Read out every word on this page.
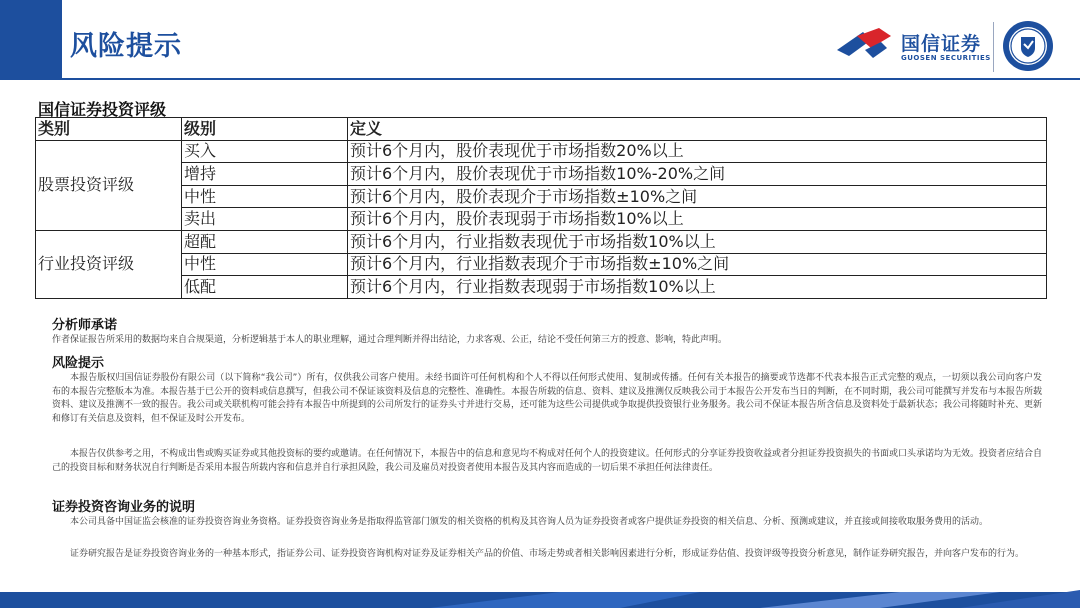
风险提示	国信证券
GUOSEN SECURITIES
国信证券投资评级
类别	级别	定义
股票投资评级	买入	预计6个月内，股价表现优于市场指数20%以上
	增持	预计6个月内，股价表现优于市场指数10%-20%之间
	中性	预计6个月内，股价表现介于市场指数±10%之间
	卖出	预计6个月内，股价表现弱于市场指数10%以上
行业投资评级	超配	预计6个月内，行业指数表现优于市场指数10%以上
	中性	预计6个月内，行业指数表现介于市场指数±10%之间
	低配	预计6个月内，行业指数表现弱于市场指数10%以上
分析师承诺
作者保证报告所采用的数据均来自合规渠道，分析逻辑基于本人的职业理解，通过合理判断并得出结论，力求客观、公正，结论不受任何第三方的授意、影响，特此声明。
风险提示
本报告版权归国信证券股份有限公司（以下简称“我公司”）所有，仅供我公司客户使用。未经书面许可任何机构和个人不得以任何形式使用、复制或传播。任何有关本报告的摘要或节选都不代表本报告正式完整的观点，一切须以我公司向客户发布的本报告完整版本为准。本报告基于已公开的资料或信息撰写，但我公司不保证该资料及信息的完整性、准确性。本报告所载的信息、资料、建议及推测仅反映我公司于本报告公开发布当日的判断，在不同时期，我公司可能撰写并发布与本报告所载资料、建议及推测不一致的报告。我公司或关联机构可能会持有本报告中所提到的公司所发行的证券头寸并进行交易，还可能为这些公司提供或争取提供投资银行业务服务。我公司不保证本报告所含信息及资料处于最新状态；我公司将随时补充、更新和修订有关信息及资料，但不保证及时公开发布。
本报告仅供参考之用，不构成出售或购买证券或其他投资标的要约或邀请。在任何情况下，本报告中的信息和意见均不构成对任何个人的投资建议。任何形式的分享证券投资收益或者分担证券投资损失的书面或口头承诺均为无效。投资者应结合自己的投资目标和财务状况自行判断是否采用本报告所载内容和信息并自行承担风险，我公司及雇员对投资者使用本报告及其内容而造成的一切后果不承担任何法律责任。
证券投资咨询业务的说明
本公司具备中国证监会核准的证券投资咨询业务资格。证券投资咨询业务是指取得监管部门颁发的相关资格的机构及其咨询人员为证券投资者或客户提供证券投资的相关信息、分析、预测或建议，并直接或间接收取服务费用的活动。
证券研究报告是证券投资咨询业务的一种基本形式，指证券公司、证券投资咨询机构对证券及证券相关产品的价值、市场走势或者相关影响因素进行分析，形成证券估值、投资评级等投资分析意见，制作证券研究报告，并向客户发布的行为。
